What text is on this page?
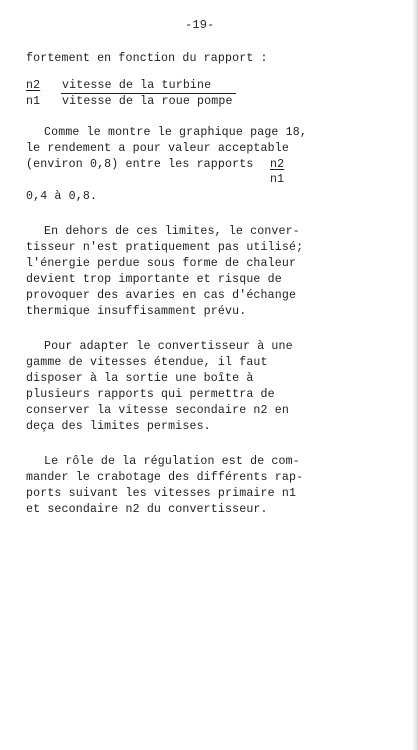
-19-
fortement en fonction du rapport :
n2 vitesse de la turbine
n1 vitesse de la roue pompe
Comme le montre le graphique page 18,
le rendement a pour valeur acceptable
(environ 0,8) entre les rapports n2
n1
0,4 à 0,8.
En dehors de ces limites, le conver-
tisseur n'est pratiquement pas utilisé;
l'énergie perdue sous forme de chaleur
devient trop importante et risque de
provoquer des avaries en cas d'échange
thermique insuffisamment prévu.
Pour adapter le convertisseur à une
gamme de vitesses étendue, il faut
disposer à la sortie une boîte à
plusieurs rapports qui permettra de
conserver la vitesse secondaire n2 en
deça des limites permises.
Le rôle de la régulation est de com-
mander le crabotage des différents rap-
ports suivant les vitesses primaire n1
et secondaire n2 du convertisseur.
